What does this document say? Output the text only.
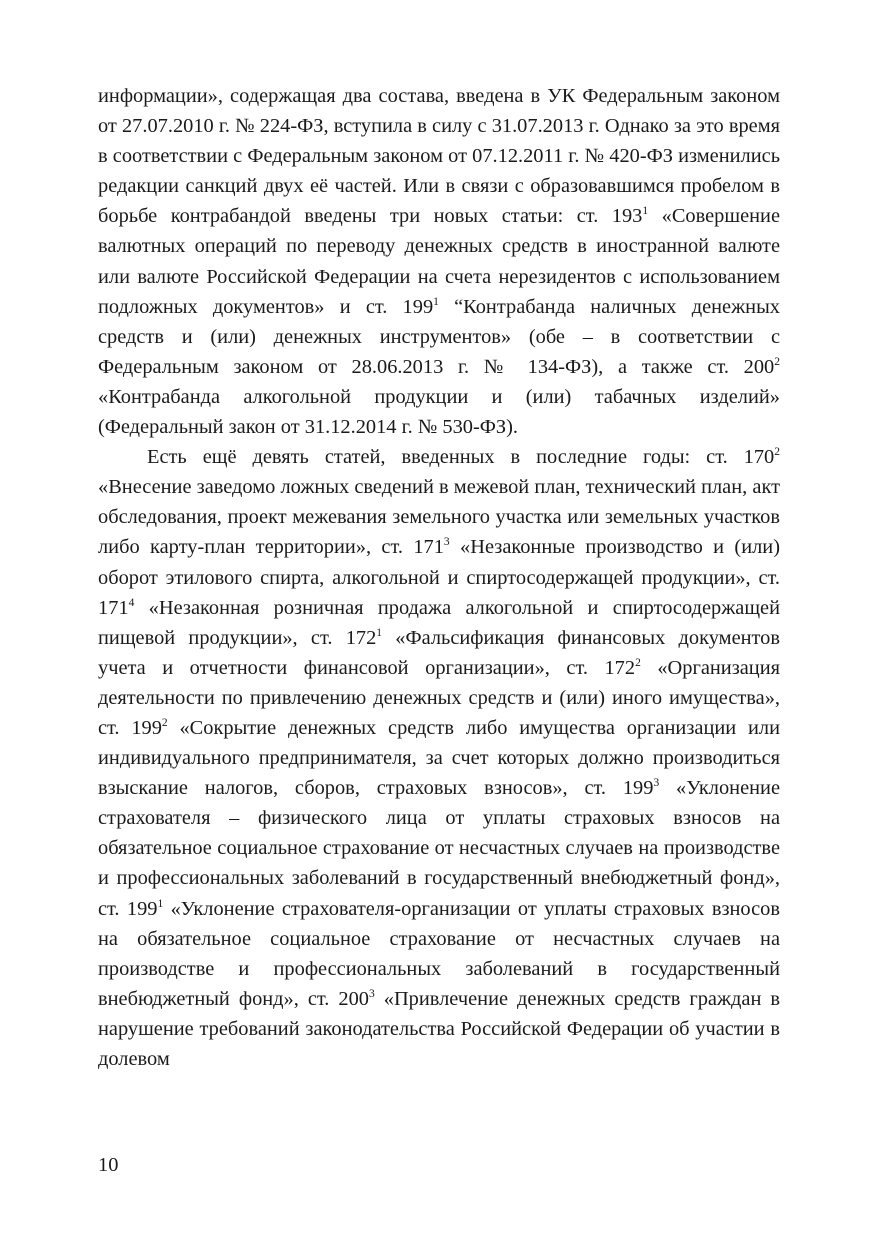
информации», содержащая два состава, введена в УК Федеральным законом от 27.07.2010 г. № 224-ФЗ, вступила в силу с 31.07.2013 г. Однако за это время в соответствии с Федеральным законом от 07.12.2011 г. № 420-ФЗ изменились редакции санкций двух её частей. Или в связи с образовавшимся пробелом в борьбе контрабандой введены три новых статьи: ст. $193^1$ «Совершение валютных операций по переводу денежных средств в иностранной валюте или валюте Российской Федерации на счета нерезидентов с использованием подложных документов» и ст. $199^1$ “Контрабанда наличных денежных средств и (или) денежных инструментов» (обе – в соответствии с Федеральным законом от 28.06.2013 г. № 134-ФЗ), а также ст. $200^2$ «Контрабанда алкогольной продукции и (или) табачных изделий» (Федеральный закон от 31.12.2014 г. № 530-ФЗ).

Есть ещё девять статей, введенных в последние годы: ст. $170^2$ «Внесение заведомо ложных сведений в межевой план, технический план, акт обследования, проект межевания земельного участка или земельных участков либо карту-план территории», ст. $171^3$ «Незаконные производство и (или) оборот этилового спирта, алкогольной и спиртосодержащей продукции», ст. $171^4$ «Незаконная розничная продажа алкогольной и спиртосодержащей пищевой продукции», ст. $172^1$ «Фальсификация финансовых документов учета и отчетности финансовой организации», ст. $172^2$ «Организация деятельности по привлечению денежных средств и (или) иного имущества», ст. $199^2$ «Сокрытие денежных средств либо имущества организации или индивидуального предпринимателя, за счет которых должно производиться взыскание налогов, сборов, страховых взносов», ст. $199^3$ «Уклонение страхователя – физического лица от уплаты страховых взносов на обязательное социальное страхование от несчастных случаев на производстве и профессиональных заболеваний в государственный внебюджетный фонд», ст. $199^1$ «Уклонение страхователя-организации от уплаты страховых взносов на обязательное социальное страхование от несчастных случаев на производстве и профессиональных заболеваний в государственный внебюджетный фонд», ст. $200^3$ «Привлечение денежных средств граждан в нарушение требований законодательства Российской Федерации об участии в долевом

10
